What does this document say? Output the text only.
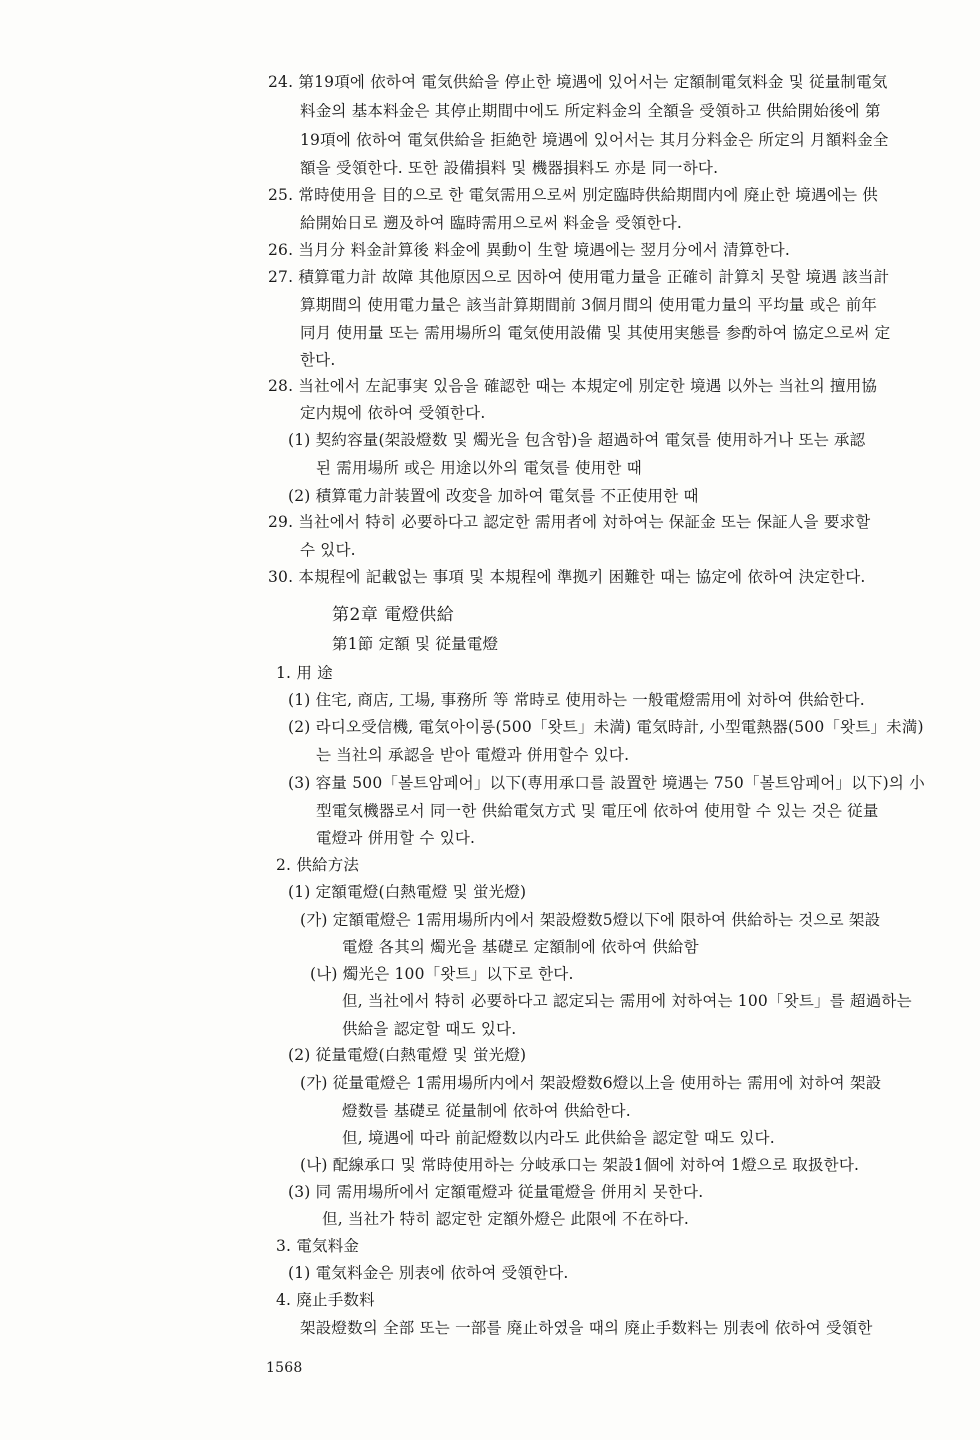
24. 第19項에 依하여 電気供給을 停止한 境遇에 있어서는 定額制電気料金 및 従量制電気
料金의 基本料金은 其停止期間中에도 所定料金의 全額을 受領하고 供給開始後에 第
19項에 依하여 電気供給을 拒絶한 境遇에 있어서는 其月分料金은 所定의 月額料金全
額을 受領한다. 또한 設備損料 및 機器損料도 亦是 同一하다.
25. 常時使用을 目的으로 한 電気需用으로써 別定臨時供給期間内에 廃止한 境遇에는 供
給開始日로 遡及하여 臨時需用으로써 料金을 受領한다.
26. 当月分 料金計算後 料金에 異動이 生할 境遇에는 翌月分에서 清算한다.
27. 積算電力計 故障 其他原因으로 因하여 使用電力量을 正確히 計算치 못할 境遇 該当計
算期間의 使用電力量은 該当計算期間前 3個月間의 使用電力量의 平均量 或은 前年
同月 使用量 또는 需用場所의 電気使用設備 및 其使用実態를 参酌하여 協定으로써 定
한다.
28. 当社에서 左記事実 있음을 確認한 때는 本規定에 別定한 境遇 以外는 当社의 擅用協
定内規에 依하여 受領한다.
(1) 契約容量(架設燈数 및 燭光을 包含함)을 超過하여 電気를 使用하거나 또는 承認
된 需用場所 或은 用途以外의 電気를 使用한 때
(2) 積算電力計装置에 改変을 加하여 電気를 不正使用한 때
29. 当社에서 特히 必要하다고 認定한 需用者에 対하여는 保証金 또는 保証人을 要求할
수 있다.
30. 本規程에 記載없는 事項 및 本規程에 準拠키 困難한 때는 協定에 依하여 決定한다.
第2章 電燈供給
第1節 定額 및 従量電燈
1. 用 途
(1) 住宅, 商店, 工場, 事務所 等 常時로 使用하는 一般電燈需用에 対하여 供給한다.
(2) 라디오受信機, 電気아이롱(500「왓트」未満) 電気時計, 小型電熱器(500「왓트」未満)
는 当社의 承認을 받아 電燈과 併用할수 있다.
(3) 容量 500「볼트암페어」以下(専用承口를 設置한 境遇는 750「볼트암페어」以下)의 小
型電気機器로서 同一한 供給電気方式 및 電圧에 依하여 使用할 수 있는 것은 従量
電燈과 併用할 수 있다.
2. 供給方法
(1) 定額電燈(白熱電燈 및 蛍光燈)
(가) 定額電燈은 1需用場所内에서 架設燈数5燈以下에 限하여 供給하는 것으로 架設
電燈 各其의 燭光을 基礎로 定額制에 依하여 供給함
(나) 燭光은 100「왓트」以下로 한다.
但, 当社에서 特히 必要하다고 認定되는 需用에 対하여는 100「왓트」를 超過하는
供給을 認定할 때도 있다.
(2) 従量電燈(白熱電燈 및 蛍光燈)
(가) 従量電燈은 1需用場所内에서 架設燈数6燈以上을 使用하는 需用에 対하여 架設
燈数를 基礎로 従量制에 依하여 供給한다.
但, 境遇에 따라 前記燈数以内라도 此供給을 認定할 때도 있다.
(나) 配線承口 및 常時使用하는 分岐承口는 架設1個에 対하여 1燈으로 取扱한다.
(3) 同 需用場所에서 定額電燈과 従量電燈을 併用치 못한다.
但, 当社가 特히 認定한 定額外燈은 此限에 不在하다.
3. 電気料金
(1) 電気料金은 別表에 依하여 受領한다.
4. 廃止手数料
架設燈数의 全部 또는 一部를 廃止하였을 때의 廃止手数料는 別表에 依하여 受領한
1568
